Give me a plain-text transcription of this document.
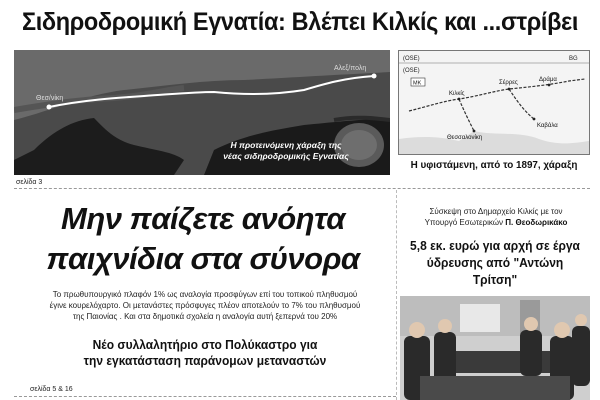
Σιδηροδρομική Εγνατία: Βλέπει Κιλκίς και ...στρίβει
Θεσ/νίκη
Αλεξ/πολη
Η προτεινόμενη χάραξη της
νέας σιδηροδρομικής Εγνατίας
(OSE)
(OSE)
BG
MK
Κιλκίς
Δράμα
Σέρρες
Καβάλα
Θεσσαλονίκη
Η υφιστάμενη, από το 1897, χάραξη
σελίδα 3
Μην παίζετε ανόητα
παιχνίδια στα σύνορα
Το πρωθυπουργικό πλαφόν 1% ως αναλογία προσφύγων επί του τοπικού πληθυσμού
έγινε κουρελόχαρτο. Οι μετανάστες πρόσφυγες πλέον αποτελούν το 7% του πληθυσμού
της Παιονίας . Και στα δημοτικά σχολεία η αναλογία αυτή ξεπερνά του 20%
Νέο συλλαλητήριο στο Πολύκαστρο για
την εγκατάσταση παράνομων μεταναστών
σελίδα 5 & 16
Σύσκεψη στο Δημαρχείο Κιλκίς με τον
Υπουργό Εσωτερικών Π. Θεοδωρικάκο
5,8 εκ. ευρώ για αρχή σε έργα
ύδρευσης από "Αντώνη Τρίτση"
